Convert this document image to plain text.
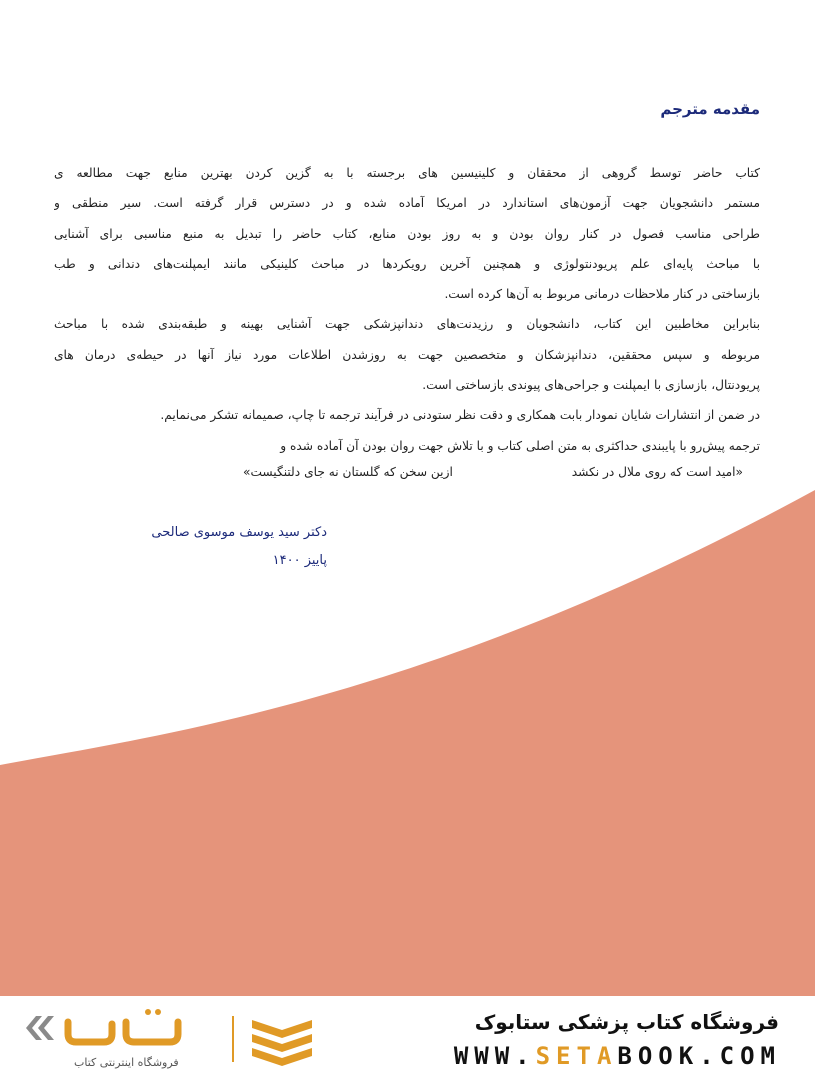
مقدمه مترجم
کتاب حاضر توسط گروهی از محققان و کلینیسین های برجسته با به گزین کردن بهترین منابع جهت مطالعه ی
مستمر دانشجویان جهت آزمون‌های استاندارد در امریکا آماده شده و در دسترس قرار گرفته است. سیر منطقی و
طراحی مناسب فصول در کنار روان بودن و به روز بودن منابع، کتاب حاضر را تبدیل به منبع مناسبی برای آشنایی
با مباحث پایه‌ای علم پریودنتولوژی و همچنین آخرین رویکردها در مباحث کلینیکی مانند ایمپلنت‌های دندانی و طب
بازساختی در کنار ملاحظات درمانی مربوط به آن‌ها کرده است.
بنابراین مخاطبین این کتاب، دانشجویان و رزیدنت‌های دندانپزشکی جهت آشنایی بهینه و طبقه‌بندی شده با مباحث
مربوطه و سپس محققین، دندانپزشکان و متخصصین جهت به روزشدن اطلاعات مورد نیاز آنها در حیطه‌ی درمان های
پریودنتال، بازسازی با ایمپلنت و جراحی‌های پیوندی بازساختی است.
در ضمن از انتشارات شایان نمودار بابت همکاری و دقت نظر ستودنی در فرآیند ترجمه تا چاپ، صمیمانه تشکر می‌نمایم.
ترجمه پیش‌رو با پایبندی حداکثری به متن اصلی کتاب و با تلاش جهت روان بودن آن آماده شده و
«امید است که روی ملال در نکشد
ازین سخن که گلستان نه جای دلتنگیست»
دکتر سید یوسف موسوی صالحی
پاییز ۱۴۰۰
فروشگاه اینترنتی کتاب
فروشگاه کتاب پزشکی ستابوک
WWW.SETABOOK.COM
